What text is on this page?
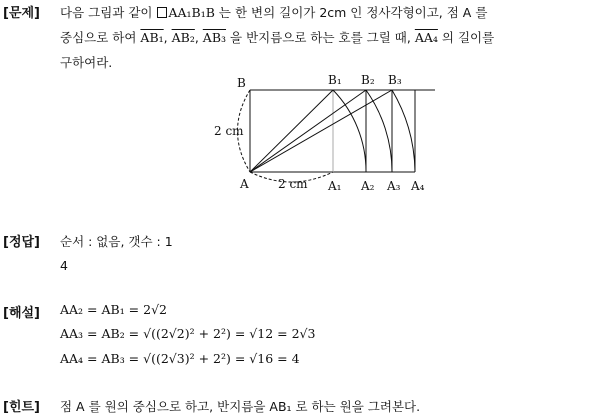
[문제] 다음 그림과 같이 AA₁B₁B 는 한 변의 길이가 2cm 인 정사각형이고, 점 A 를
중심으로 하여 AB₁, AB₂, AB₃ 을 반지름으로 하는 호를 그릴 때, AA₄ 의 길이를
구하여라.
B	B₁ B₂ B₃
A	A₁ A₂ A₃ A₄
2 cm
2 cm
[정답] 순서 : 없음, 갯수 : 1
4
[해설] AA₂ = AB₁ = 2√2
AA₃ = AB₂ = √((2√2)² + 2²) = √12 = 2√3
AA₄ = AB₃ = √((2√3)² + 2²) = √16 = 4
[힌트] 점 A 를 원의 중심으로 하고, 반지름을 AB₁ 로 하는 원을 그려본다.
